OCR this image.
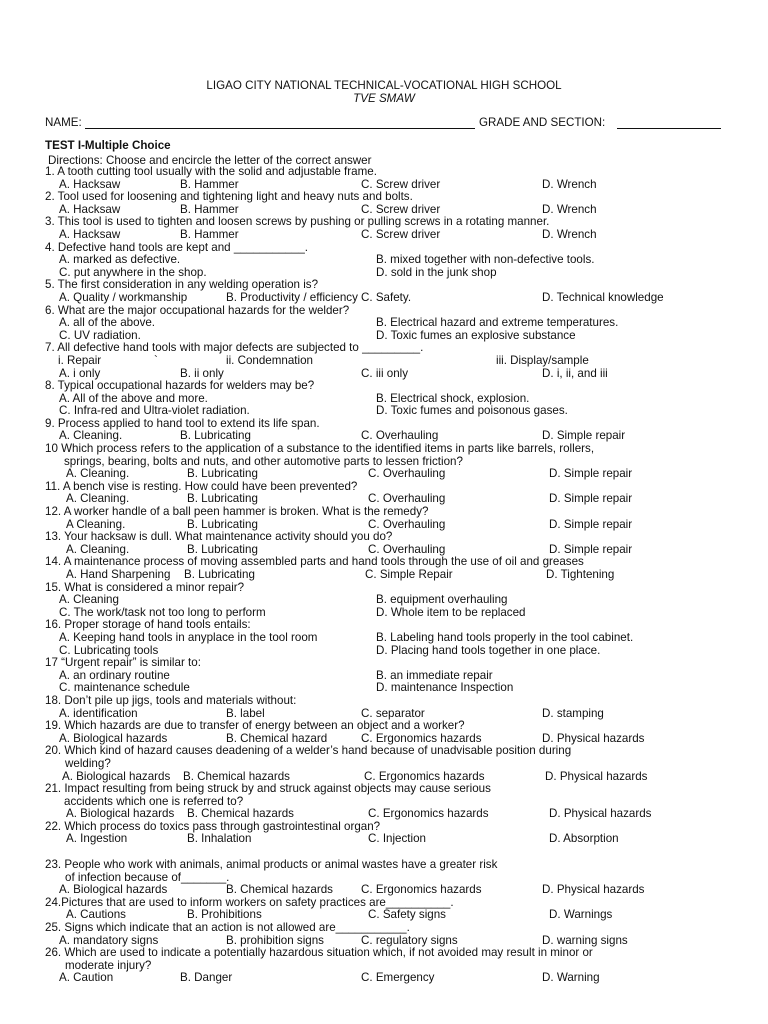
LIGAO CITY NATIONAL TECHNICAL-VOCATIONAL HIGH SCHOOL
TVE SMAW
NAME:	GRADE AND SECTION:
TEST I-Multiple Choice
Directions: Choose and encircle the letter of the correct answer
1. A tooth cutting tool usually with the solid and adjustable frame.
A. Hacksaw	B. Hammer	C. Screw driver	D. Wrench
2. Tool used for loosening and tightening light and heavy nuts and bolts.
A. Hacksaw	B. Hammer	C. Screw driver	D. Wrench
3. This tool is used to tighten and loosen screws by pushing or pulling screws in a rotating manner.
A. Hacksaw	B. Hammer	C. Screw driver	D. Wrench
4. Defective hand tools are kept and ___________.
A. marked as defective.	B. mixed together with non-defective tools.
C. put anywhere in the shop.	D. sold in the junk shop
5. The first consideration in any welding operation is?
A. Quality / workmanship	B. Productivity / efficiency C. Safety.	D. Technical knowledge
6. What are the major occupational hazards for the welder?
A. all of the above.	B. Electrical hazard and extreme temperatures.
C. UV radiation.	D. Toxic fumes an explosive substance
7. All defective hand tools with major defects are subjected to _________.
i. Repair	`	ii. Condemnation	iii. Display/sample
A. i only	B. ii only	C. iii only	D. i, ii, and iii
8. Typical occupational hazards for welders may be?
A. All of the above and more.	B. Electrical shock, explosion.
C. Infra-red and Ultra-violet radiation.	D. Toxic fumes and poisonous gases.
9. Process applied to hand tool to extend its life span.
A. Cleaning.	B. Lubricating	C. Overhauling	D. Simple repair
10 Which process refers to the application of a substance to the identified items in parts like barrels, rollers,
springs, bearing, bolts and nuts, and other automotive parts to lessen friction?
A. Cleaning.	B. Lubricating	C. Overhauling	D. Simple repair
11. A bench vise is resting. How could have been prevented?
A. Cleaning.	B. Lubricating	C. Overhauling	D. Simple repair
12. A worker handle of a ball peen hammer is broken. What is the remedy?
A Cleaning.	B. Lubricating	C. Overhauling	D. Simple repair
13. Your hacksaw is dull. What maintenance activity should you do?
A. Cleaning.	B. Lubricating	C. Overhauling	D. Simple repair
14. A maintenance process of moving assembled parts and hand tools through the use of oil and greases
A. Hand Sharpening B. Lubricating	C. Simple Repair	D. Tightening
15. What is considered a minor repair?
A. Cleaning	B. equipment overhauling
C. The work/task not too long to perform	D. Whole item to be replaced
16. Proper storage of hand tools entails:
A. Keeping hand tools in anyplace in the tool room	B. Labeling hand tools properly in the tool cabinet.
C. Lubricating tools	D. Placing hand tools together in one place.
17 “Urgent repair” is similar to:
A. an ordinary routine	B. an immediate repair
C. maintenance schedule	D. maintenance Inspection
18. Don’t pile up jigs, tools and materials without:
A. identification	B. label	C. separator	D. stamping
19. Which hazards are due to transfer of energy between an object and a worker?
A. Biological hazards	B. Chemical hazard	C. Ergonomics hazards	D. Physical hazards
20. Which kind of hazard causes deadening of a welder’s hand because of unadvisable position during
welding?
A. Biological hazards B. Chemical hazards	C. Ergonomics hazards	D. Physical hazards
21. Impact resulting from being struck by and struck against objects may cause serious
accidents which one is referred to?
A. Biological hazards B. Chemical hazards	C. Ergonomics hazards	D. Physical hazards
22. Which process do toxics pass through gastrointestinal organ?
A. Ingestion	B. Inhalation	C. Injection	D. Absorption
23. People who work with animals, animal products or animal wastes have a greater risk
of infection because of_______.
A. Biological hazards	B. Chemical hazards C. Ergonomics hazards	D. Physical hazards
24.Pictures that are used to inform workers on safety practices are__________.
A. Cautions	B. Prohibitions	C. Safety signs	D. Warnings
25. Signs which indicate that an action is not allowed are___________.
A. mandatory signs	B. prohibition signs	C. regulatory signs	D. warning signs
26. Which are used to indicate a potentially hazardous situation which, if not avoided may result in minor or
moderate injury?
A. Caution	B. Danger	C. Emergency	D. Warning
